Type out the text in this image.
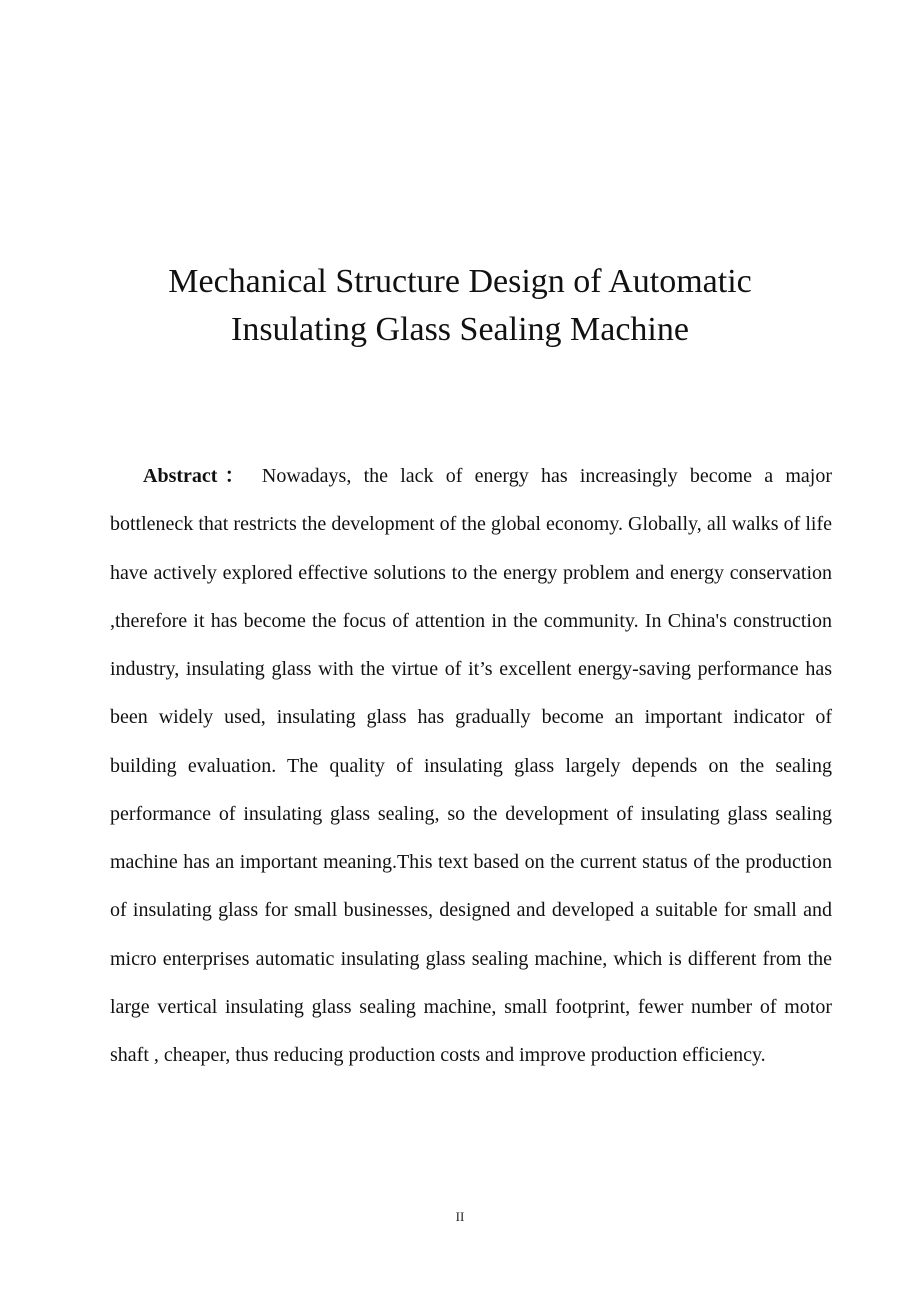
Mechanical Structure Design of Automatic
Insulating Glass Sealing Machine

Abstract： Nowadays, the lack of energy has increasingly become a major bottleneck that restricts the development of the global economy. Globally, all walks of life have actively explored effective solutions to the energy problem and energy conservation ,therefore it has become the focus of attention in the community. In China's construction industry, insulating glass with the virtue of it’s excellent energy-saving performance has been widely used, insulating glass has gradually become an important indicator of building evaluation. The quality of insulating glass largely depends on the sealing performance of insulating glass sealing, so the development of insulating glass sealing machine has an important meaning.This text based on the current status of the production of insulating glass for small businesses, designed and developed a suitable for small and micro enterprises automatic insulating glass sealing machine, which is different from the large vertical insulating glass sealing machine, small footprint, fewer number of motor shaft , cheaper, thus reducing production costs and improve production efficiency.

II
